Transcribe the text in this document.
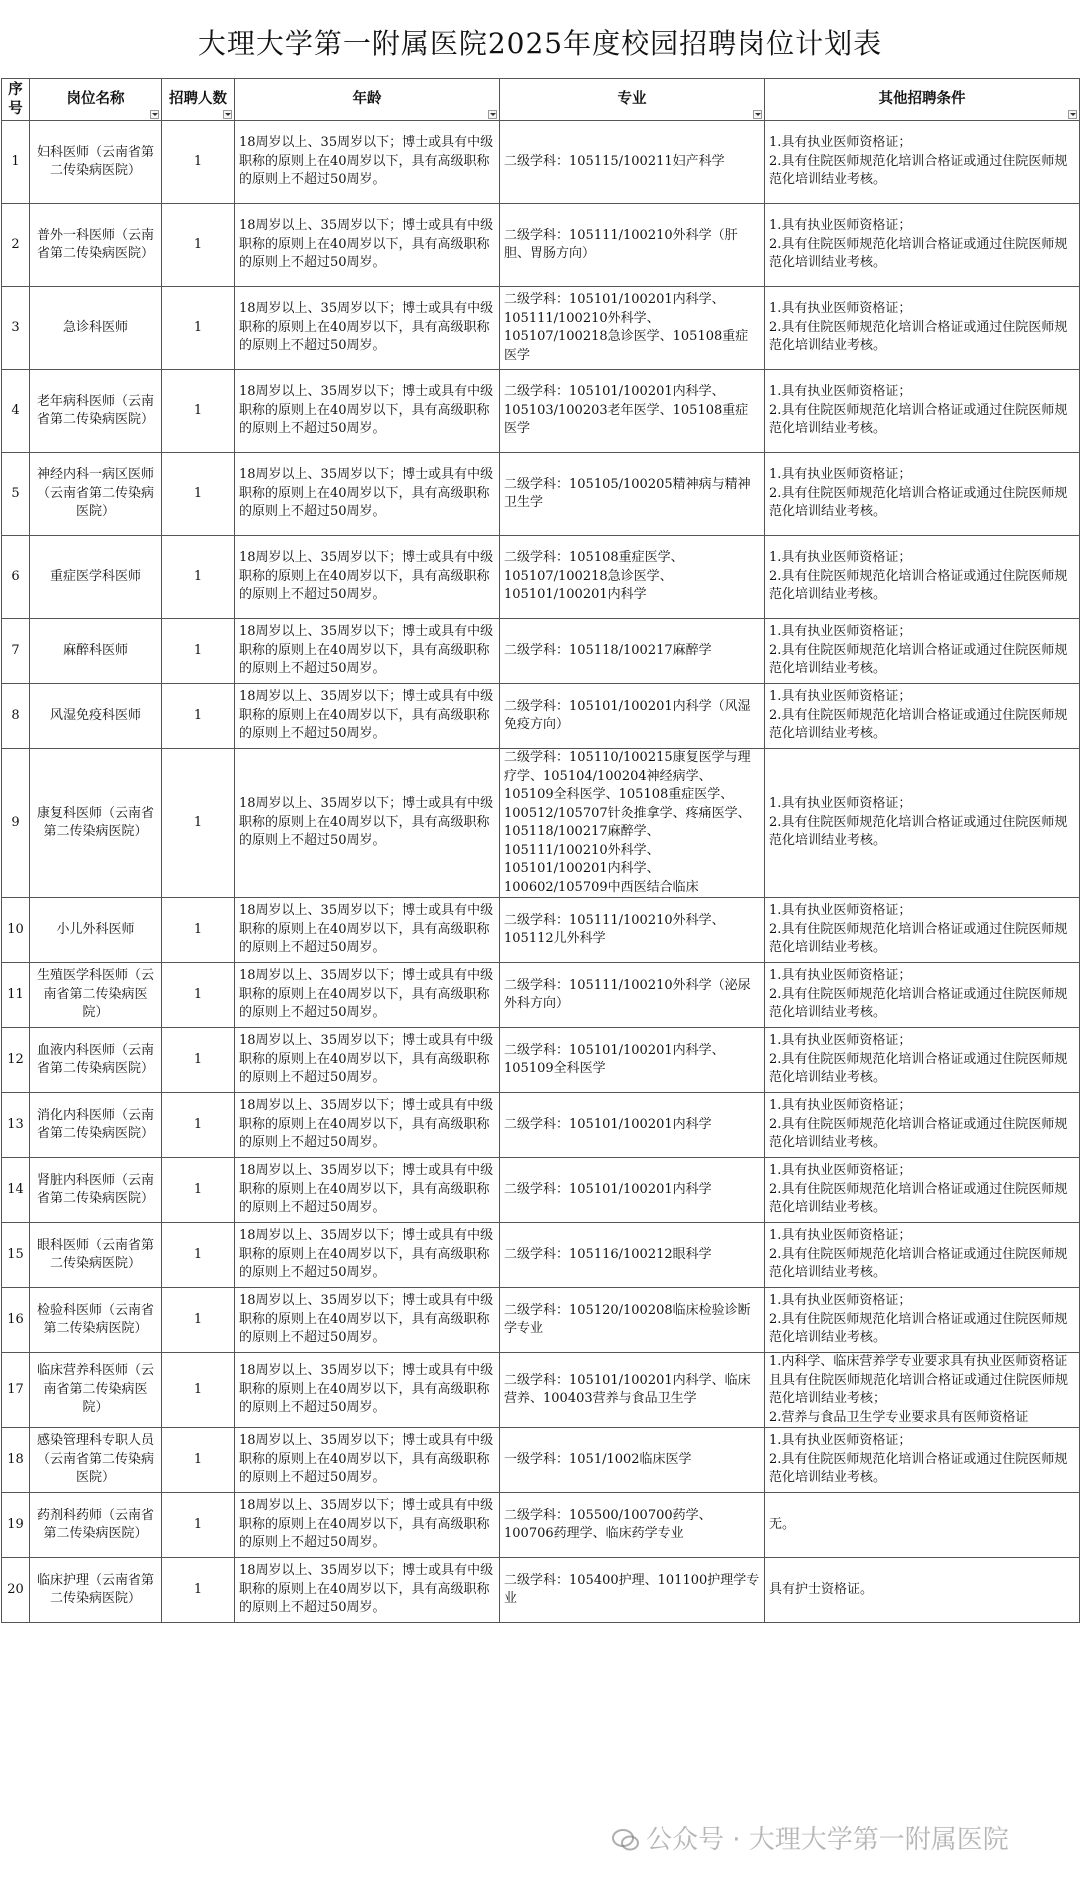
大理大学第一附属医院2025年度校园招聘岗位计划表
序号	岗位名称	招聘人数	年龄	专业	其他招聘条件

1	妇科医师（云南省第二传染病医院）	1	18周岁以上、35周岁以下；博士或具有中级职称的原则上在40周岁以下，具有高级职称的原则上不超过50周岁。	二级学科：105115/100211妇产科学	1.具有执业医师资格证；
2.具有住院医师规范化培训合格证或通过住院医师规范化培训结业考核。
2	普外一科医师（云南省第二传染病医院）	1	18周岁以上、35周岁以下；博士或具有中级职称的原则上在40周岁以下，具有高级职称的原则上不超过50周岁。	二级学科：105111/100210外科学（肝胆、胃肠方向）	1.具有执业医师资格证；
2.具有住院医师规范化培训合格证或通过住院医师规范化培训结业考核。
3	急诊科医师	1	18周岁以上、35周岁以下；博士或具有中级职称的原则上在40周岁以下，具有高级职称的原则上不超过50周岁。	二级学科：105101/100201内科学、105111/100210外科学、105107/100218急诊医学、105108重症医学	1.具有执业医师资格证；
2.具有住院医师规范化培训合格证或通过住院医师规范化培训结业考核。
4	老年病科医师（云南省第二传染病医院）	1	18周岁以上、35周岁以下；博士或具有中级职称的原则上在40周岁以下，具有高级职称的原则上不超过50周岁。	二级学科：105101/100201内科学、105103/100203老年医学、105108重症医学	1.具有执业医师资格证；
2.具有住院医师规范化培训合格证或通过住院医师规范化培训结业考核。
5	神经内科一病区医师（云南省第二传染病医院）	1	18周岁以上、35周岁以下；博士或具有中级职称的原则上在40周岁以下，具有高级职称的原则上不超过50周岁。	二级学科：105105/100205精神病与精神卫生学	1.具有执业医师资格证；
2.具有住院医师规范化培训合格证或通过住院医师规范化培训结业考核。
6	重症医学科医师	1	18周岁以上、35周岁以下；博士或具有中级职称的原则上在40周岁以下，具有高级职称的原则上不超过50周岁。	二级学科：105108重症医学、105107/100218急诊医学、105101/100201内科学	1.具有执业医师资格证；
2.具有住院医师规范化培训合格证或通过住院医师规范化培训结业考核。
7	麻醉科医师	1	18周岁以上、35周岁以下；博士或具有中级职称的原则上在40周岁以下，具有高级职称的原则上不超过50周岁。	二级学科：105118/100217麻醉学	1.具有执业医师资格证；
2.具有住院医师规范化培训合格证或通过住院医师规范化培训结业考核。
8	风湿免疫科医师	1	18周岁以上、35周岁以下；博士或具有中级职称的原则上在40周岁以下，具有高级职称的原则上不超过50周岁。	二级学科：105101/100201内科学（风湿免疫方向）	1.具有执业医师资格证；
2.具有住院医师规范化培训合格证或通过住院医师规范化培训结业考核。
9	康复科医师（云南省第二传染病医院）	1	18周岁以上、35周岁以下；博士或具有中级职称的原则上在40周岁以下，具有高级职称的原则上不超过50周岁。	二级学科：105110/100215康复医学与理疗学、105104/100204神经病学、105109全科医学、105108重症医学、100512/105707针灸推拿学、疼痛医学、105118/100217麻醉学、105111/100210外科学、105101/100201内科学、100602/105709中西医结合临床	1.具有执业医师资格证；
2.具有住院医师规范化培训合格证或通过住院医师规范化培训结业考核。
10	小儿外科医师	1	18周岁以上、35周岁以下；博士或具有中级职称的原则上在40周岁以下，具有高级职称的原则上不超过50周岁。	二级学科：105111/100210外科学、105112儿外科学	1.具有执业医师资格证；
2.具有住院医师规范化培训合格证或通过住院医师规范化培训结业考核。
11	生殖医学科医师（云南省第二传染病医院）	1	18周岁以上、35周岁以下；博士或具有中级职称的原则上在40周岁以下，具有高级职称的原则上不超过50周岁。	二级学科：105111/100210外科学（泌尿外科方向）	1.具有执业医师资格证；
2.具有住院医师规范化培训合格证或通过住院医师规范化培训结业考核。
12	血液内科医师（云南省第二传染病医院）	1	18周岁以上、35周岁以下；博士或具有中级职称的原则上在40周岁以下，具有高级职称的原则上不超过50周岁。	二级学科：105101/100201内科学、105109全科医学	1.具有执业医师资格证；
2.具有住院医师规范化培训合格证或通过住院医师规范化培训结业考核。
13	消化内科医师（云南省第二传染病医院）	1	18周岁以上、35周岁以下；博士或具有中级职称的原则上在40周岁以下，具有高级职称的原则上不超过50周岁。	二级学科：105101/100201内科学	1.具有执业医师资格证；
2.具有住院医师规范化培训合格证或通过住院医师规范化培训结业考核。
14	肾脏内科医师（云南省第二传染病医院）	1	18周岁以上、35周岁以下；博士或具有中级职称的原则上在40周岁以下，具有高级职称的原则上不超过50周岁。	二级学科：105101/100201内科学	1.具有执业医师资格证；
2.具有住院医师规范化培训合格证或通过住院医师规范化培训结业考核。
15	眼科医师（云南省第二传染病医院）	1	18周岁以上、35周岁以下；博士或具有中级职称的原则上在40周岁以下，具有高级职称的原则上不超过50周岁。	二级学科：105116/100212眼科学	1.具有执业医师资格证；
2.具有住院医师规范化培训合格证或通过住院医师规范化培训结业考核。
16	检验科医师（云南省第二传染病医院）	1	18周岁以上、35周岁以下；博士或具有中级职称的原则上在40周岁以下，具有高级职称的原则上不超过50周岁。	二级学科：105120/100208临床检验诊断学专业	1.具有执业医师资格证；
2.具有住院医师规范化培训合格证或通过住院医师规范化培训结业考核。
17	临床营养科医师（云南省第二传染病医院）	1	18周岁以上、35周岁以下；博士或具有中级职称的原则上在40周岁以下，具有高级职称的原则上不超过50周岁。	二级学科：105101/100201内科学、临床营养、100403营养与食品卫生学	1.内科学、临床营养学专业要求具有执业医师资格证且具有住院医师规范化培训合格证或通过住院医师规范化培训结业考核；
2.营养与食品卫生学专业要求具有医师资格证
18	感染管理科专职人员（云南省第二传染病医院）	1	18周岁以上、35周岁以下；博士或具有中级职称的原则上在40周岁以下，具有高级职称的原则上不超过50周岁。	一级学科：1051/1002临床医学	1.具有执业医师资格证；
2.具有住院医师规范化培训合格证或通过住院医师规范化培训结业考核。
19	药剂科药师（云南省第二传染病医院）	1	18周岁以上、35周岁以下；博士或具有中级职称的原则上在40周岁以下，具有高级职称的原则上不超过50周岁。	二级学科：105500/100700药学、100706药理学、临床药学专业	无。
20	临床护理（云南省第二传染病医院）	1	18周岁以上、35周岁以下；博士或具有中级职称的原则上在40周岁以下，具有高级职称的原则上不超过50周岁。	二级学科：105400护理、101100护理学专业	具有护士资格证。
公众号 · 大理大学第一附属医院
